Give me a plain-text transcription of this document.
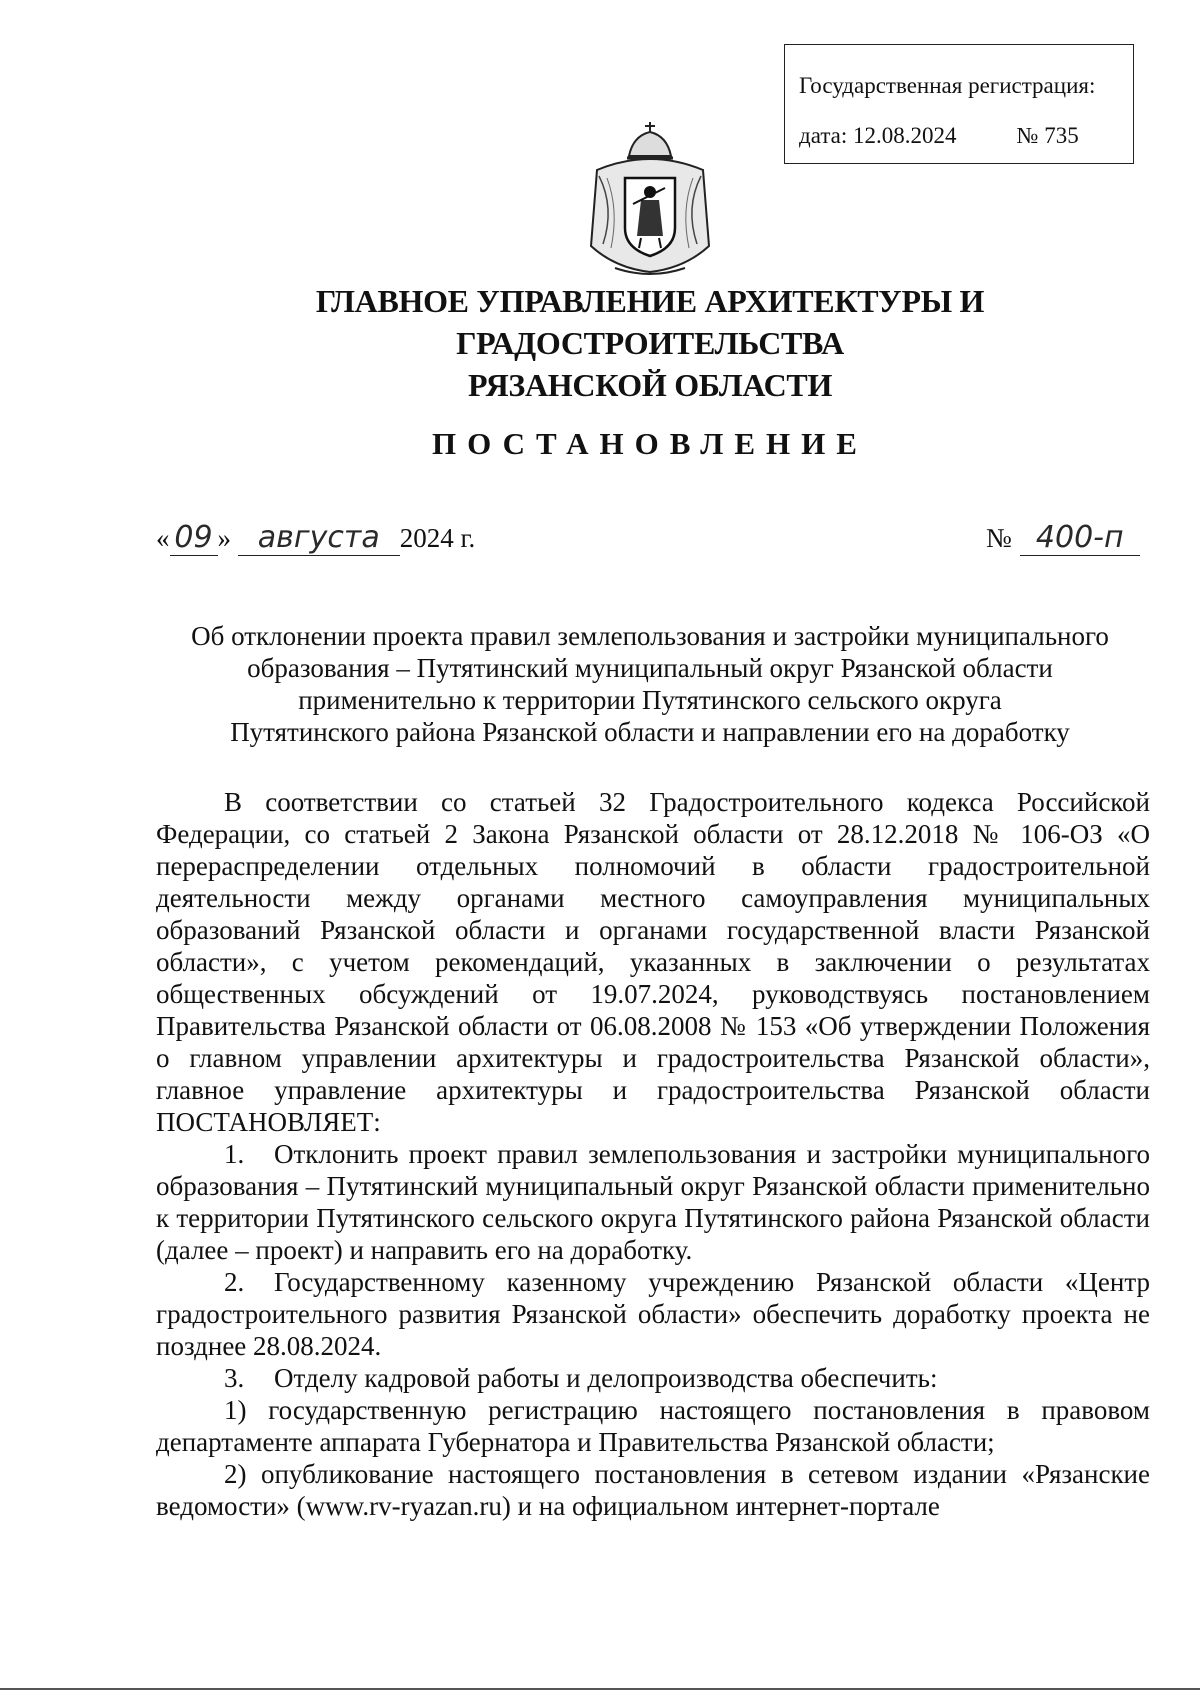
Государственная регистрация:
дата: 12.08.2024	№ 735
ГЛАВНОЕ УПРАВЛЕНИЕ АРХИТЕКТУРЫ И ГРАДОСТРОИТЕЛЬСТВА
РЯЗАНСКОЙ ОБЛАСТИ
ПОСТАНОВЛЕНИЕ
« 09 » августа 2024 г.	№ 400-п
Об отклонении проекта правил землепользования и застройки муниципального
образования – Путятинский муниципальный округ Рязанской области
применительно к территории Путятинского сельского округа
Путятинского района Рязанской области и направлении его на доработку

В соответствии со статьей 32 Градостроительного кодекса Российской Федерации, со статьей 2 Закона Рязанской области от 28.12.2018 № 106-ОЗ «О перераспределении отдельных полномочий в области градостроительной деятельности между органами местного самоуправления муниципальных образований Рязанской области и органами государственной власти Рязанской области», с учетом рекомендаций, указанных в заключении о результатах общественных обсуждений от 19.07.2024, руководствуясь постановлением Правительства Рязанской области от 06.08.2008 № 153 «Об утверждении Положения о главном управлении архитектуры и градостроительства Рязанской области», главное управление архитектуры и градостроительства Рязанской области ПОСТАНОВЛЯЕТ:

1. Отклонить проект правил землепользования и застройки муниципального образования – Путятинский муниципальный округ Рязанской области применительно к территории Путятинского сельского округа Путятинского района Рязанской области (далее – проект) и направить его на доработку.

2. Государственному казенному учреждению Рязанской области «Центр градостроительного развития Рязанской области» обеспечить доработку проекта не позднее 28.08.2024.

3. Отделу кадровой работы и делопроизводства обеспечить:

1) государственную регистрацию настоящего постановления в правовом департаменте аппарата Губернатора и Правительства Рязанской области;

2) опубликование настоящего постановления в сетевом издании «Рязанские ведомости» (www.rv-ryazan.ru) и на официальном интернет-портале
